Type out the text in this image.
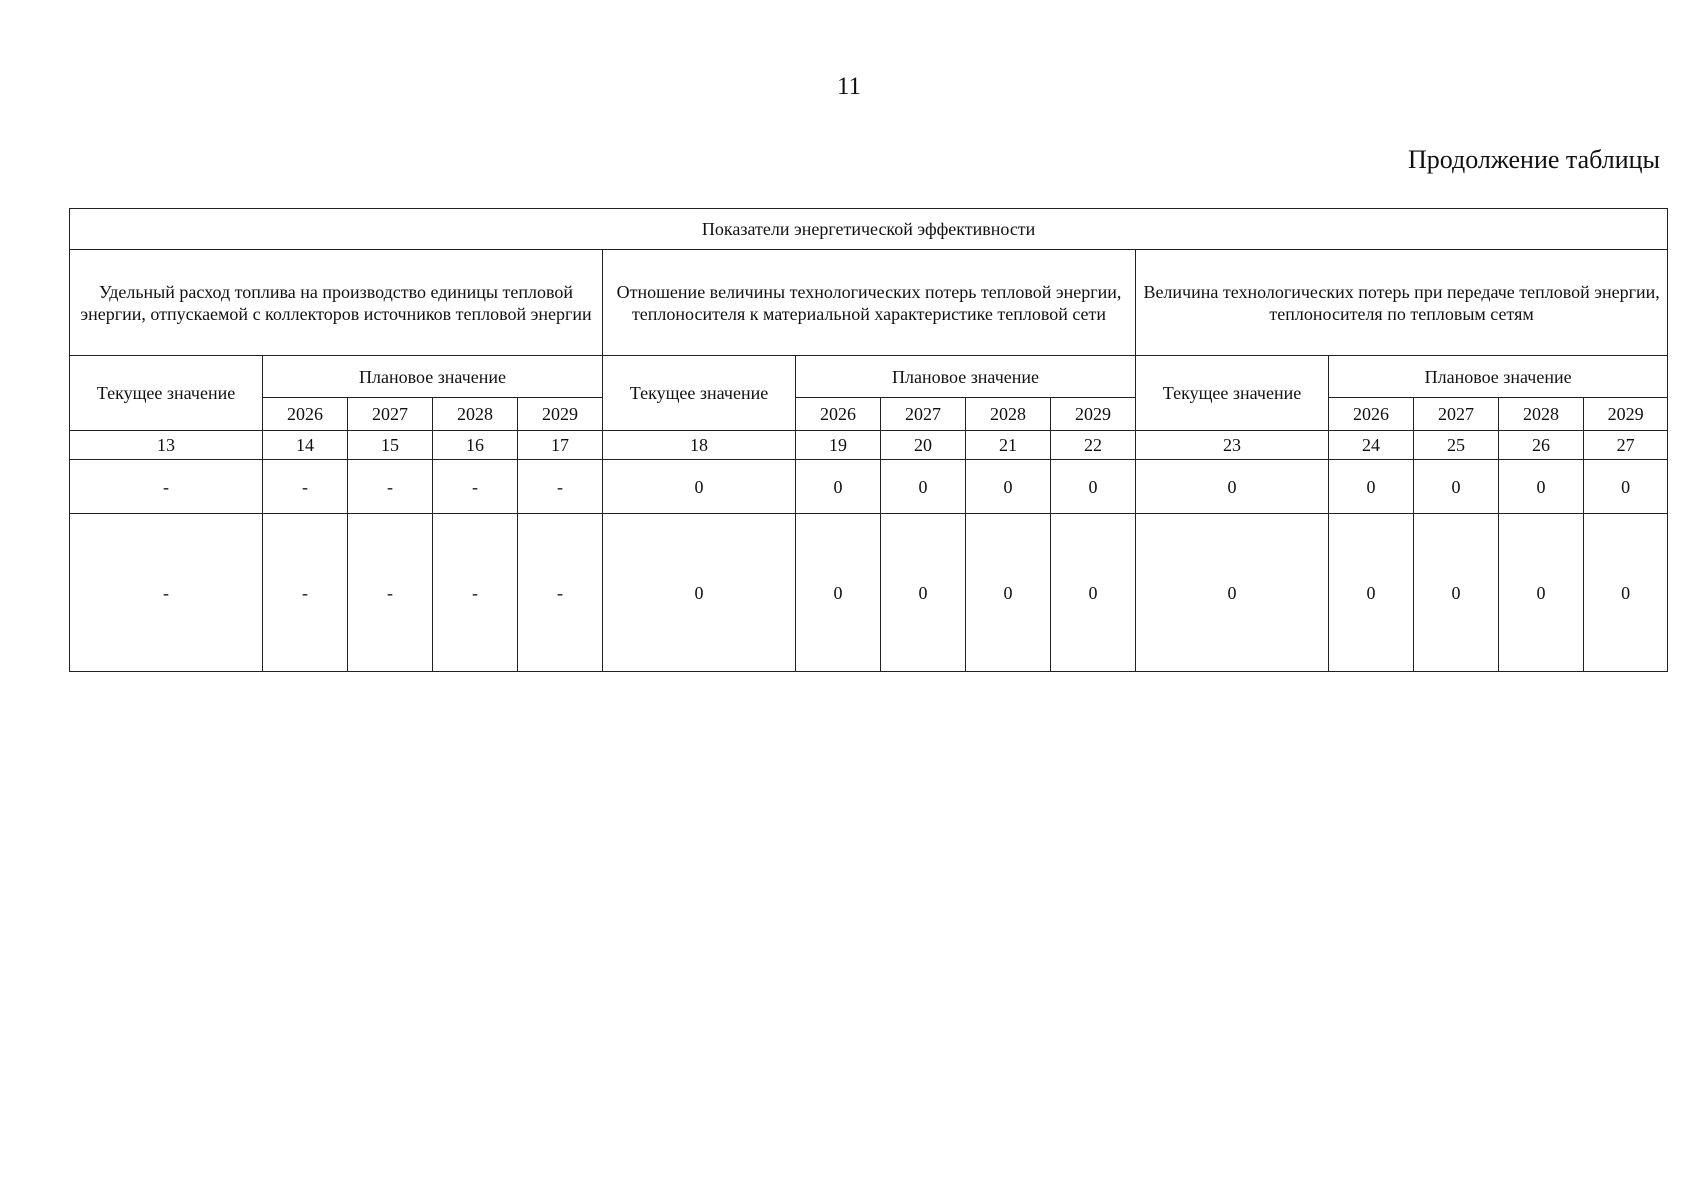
11
Продолжение таблицы
Показатели энергетической эффективности														
Удельный расход топлива на производство единицы тепловой энергии, отпускаемой с коллекторов источников тепловой энергии					Отношение величины технологических потерь тепловой энергии, теплоносителя к материальной характеристике тепловой сети					Величина технологических потерь при передаче тепловой энергии, теплоносителя по тепловым сетям				
Текущее значение	Плановое значение				Текущее значение	Плановое значение				Текущее значение	Плановое значение			
	2026	2027	2028	2029		2026	2027	2028	2029		2026	2027	2028	2029
13	14	15	16	17	18	19	20	21	22	23	24	25	26	27
-	-	-	-	-	0	0	0	0	0	0	0	0	0	0
-	-	-	-	-	0	0	0	0	0	0	0	0	0	0
